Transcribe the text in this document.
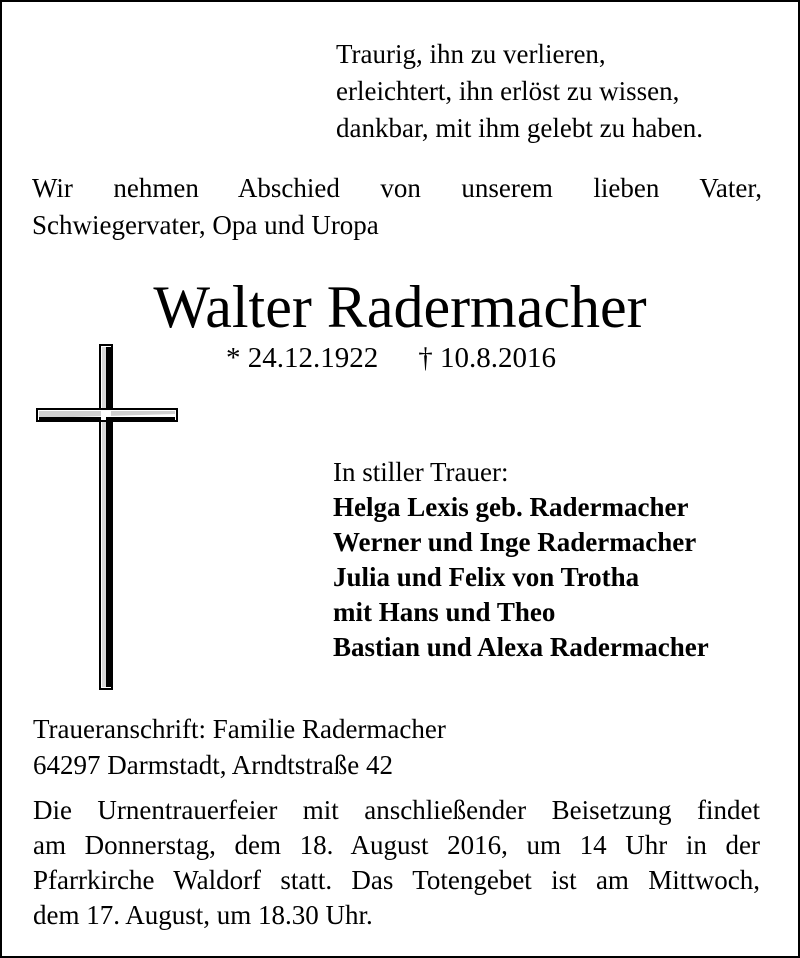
Traurig, ihn zu verlieren,
erleichtert, ihn erlöst zu wissen,
dankbar, mit ihm gelebt zu haben.
Wir nehmen Abschied von unserem lieben Vater,
Schwiegervater, Opa und Uropa
Walter Radermacher
* 24.12.1922 † 10.8.2016
In stiller Trauer:
Helga Lexis geb. Radermacher
Werner und Inge Radermacher
Julia und Felix von Trotha
mit Hans und Theo
Bastian und Alexa Radermacher
Traueranschrift: Familie Radermacher
64297 Darmstadt, Arndtstraße 42
Die Urnentrauerfeier mit anschließender Beisetzung findet
am Donnerstag, dem 18. August 2016, um 14 Uhr in der
Pfarrkirche Waldorf statt. Das Totengebet ist am Mittwoch,
dem 17. August, um 18.30 Uhr.
